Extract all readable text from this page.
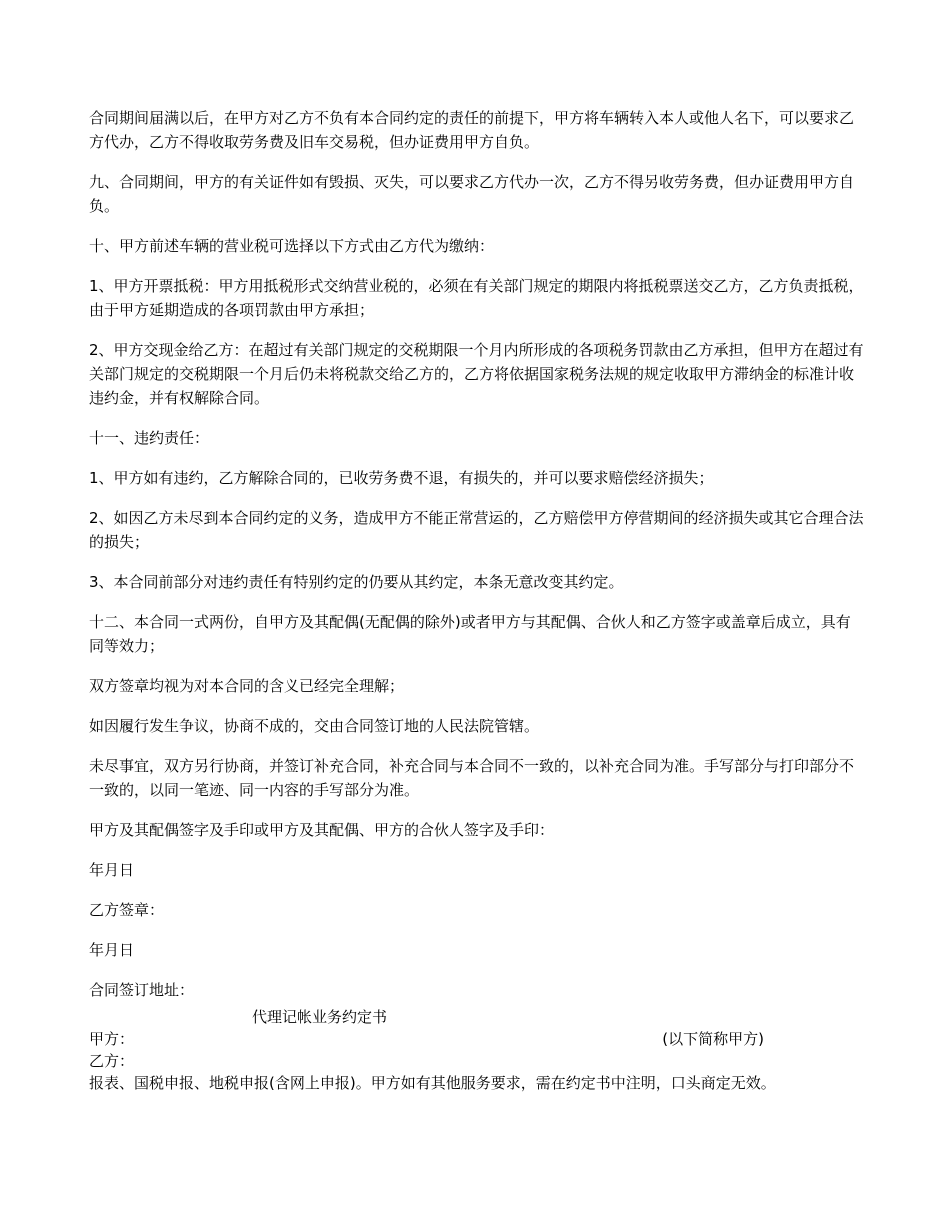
合同期间届满以后，在甲方对乙方不负有本合同约定的责任的前提下，甲方将车辆转入本人或他人名下，可以要求乙方代办，乙方不得收取劳务费及旧车交易税，但办证费用甲方自负。

九、合同期间，甲方的有关证件如有毁损、灭失，可以要求乙方代办一次，乙方不得另收劳务费，但办证费用甲方自负。

十、甲方前述车辆的营业税可选择以下方式由乙方代为缴纳：

1、甲方开票抵税：甲方用抵税形式交纳营业税的，必须在有关部门规定的期限内将抵税票送交乙方，乙方负责抵税，由于甲方延期造成的各项罚款由甲方承担；

2、甲方交现金给乙方：在超过有关部门规定的交税期限一个月内所形成的各项税务罚款由乙方承担，但甲方在超过有关部门规定的交税期限一个月后仍未将税款交给乙方的，乙方将依据国家税务法规的规定收取甲方滞纳金的标准计收违约金，并有权解除合同。

十一、违约责任：

1、甲方如有违约，乙方解除合同的，已收劳务费不退，有损失的，并可以要求赔偿经济损失；

2、如因乙方未尽到本合同约定的义务，造成甲方不能正常营运的，乙方赔偿甲方停营期间的经济损失或其它合理合法的损失；

3、本合同前部分对违约责任有特别约定的仍要从其约定，本条无意改变其约定。

十二、本合同一式两份，自甲方及其配偶(无配偶的除外)或者甲方与其配偶、合伙人和乙方签字或盖章后成立，具有同等效力；

双方签章均视为对本合同的含义已经完全理解；

如因履行发生争议，协商不成的，交由合同签订地的人民法院管辖。

未尽事宜，双方另行协商，并签订补充合同，补充合同与本合同不一致的，以补充合同为准。手写部分与打印部分不一致的，以同一笔迹、同一内容的手写部分为准。

甲方及其配偶签字及手印或甲方及其配偶、甲方的合伙人签字及手印：

年月日

乙方签章：

年月日

合同签订地址：

代理记帐业务约定书

甲方：	(以下简称甲方)

乙方：

报表、国税申报、地税申报(含网上申报)。甲方如有其他服务要求，需在约定书中注明，口头商定无效。
